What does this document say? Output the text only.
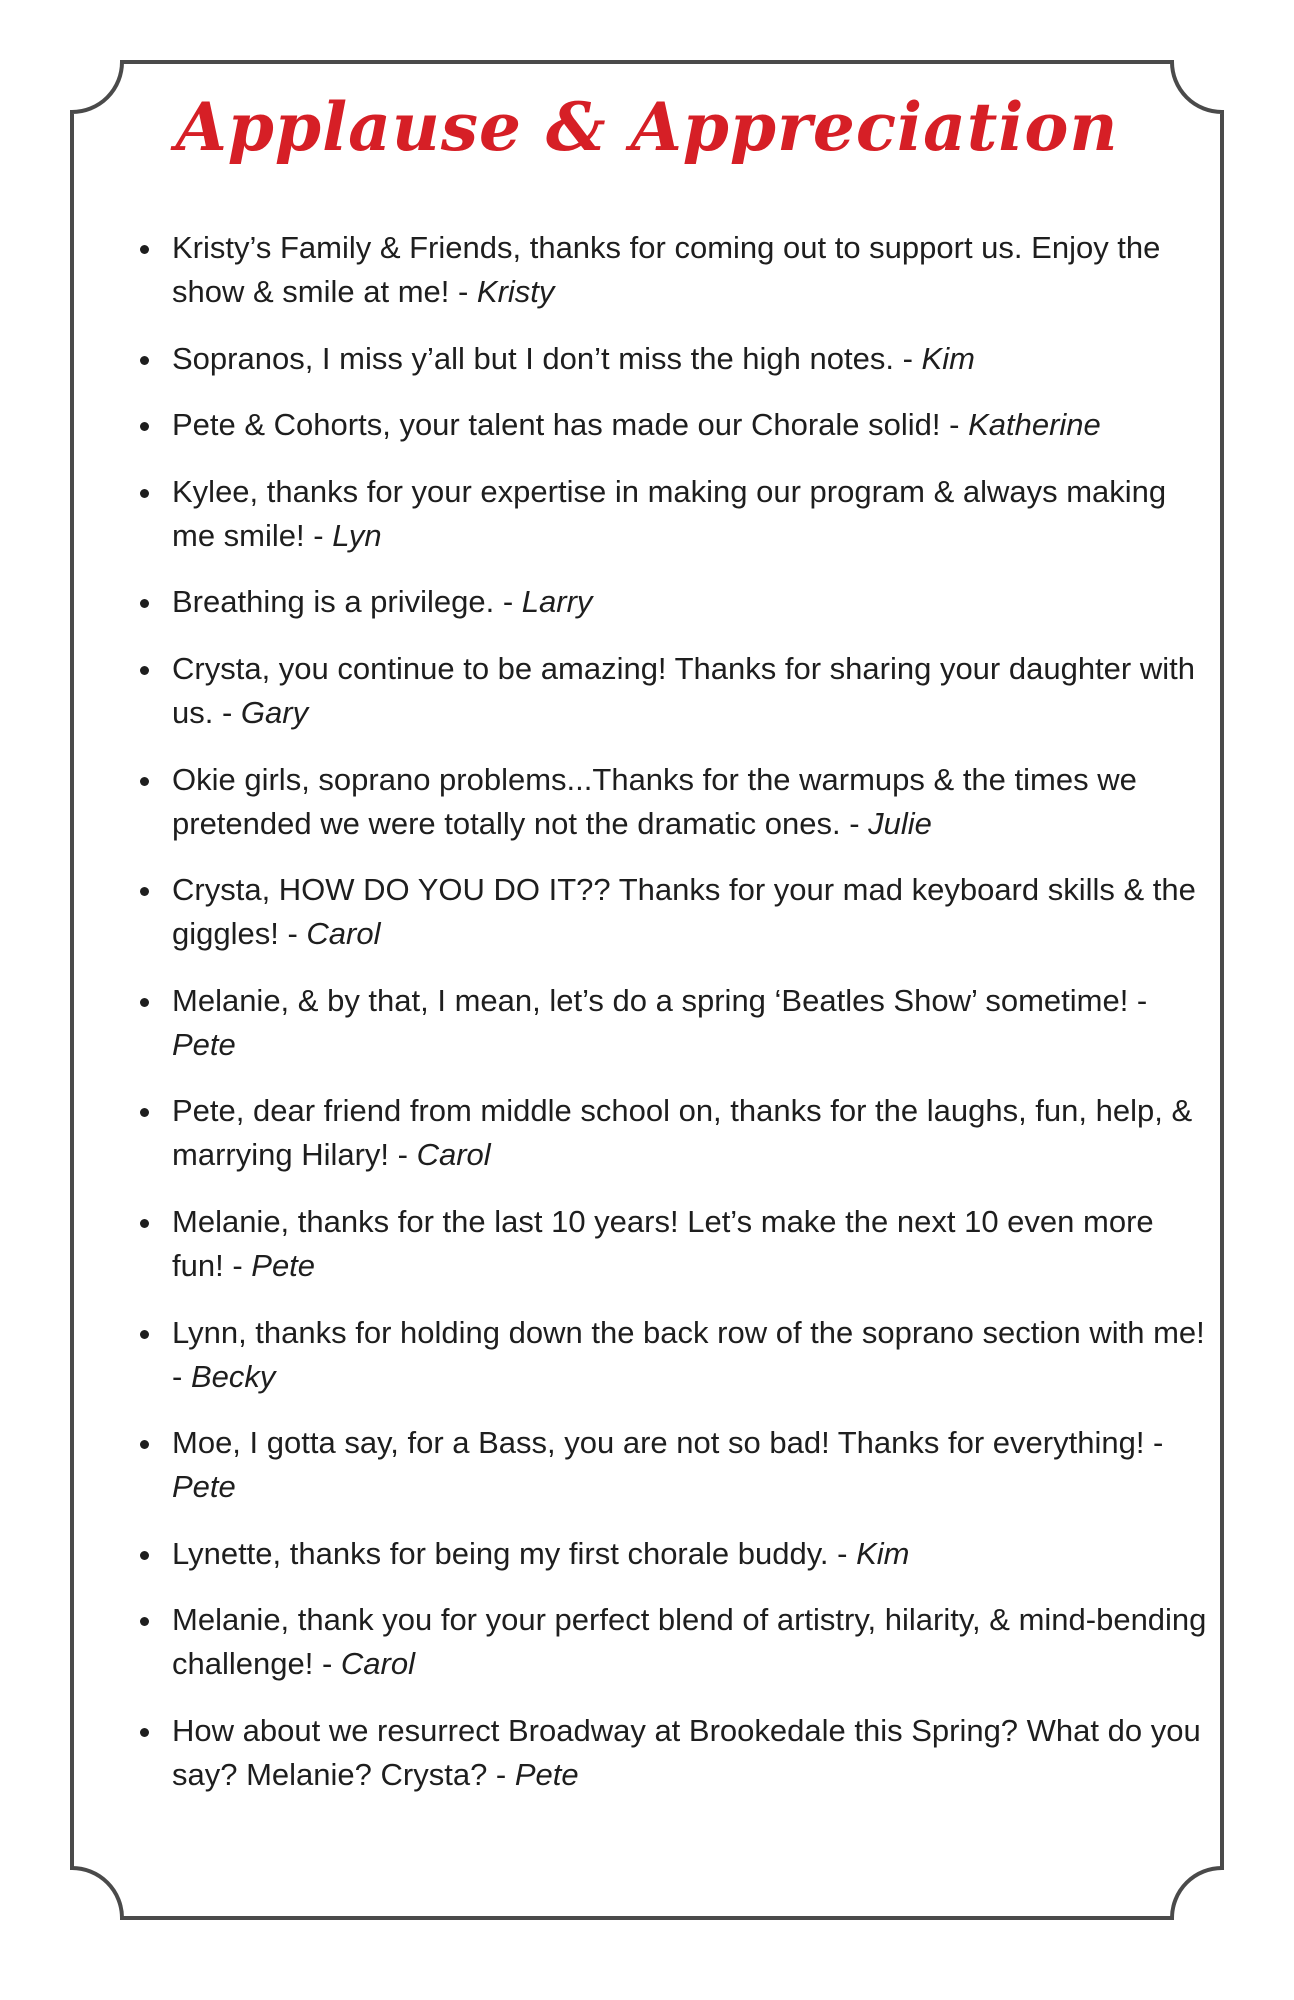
Applause & Appreciation
Kristy’s Family & Friends, thanks for coming out to support us. Enjoy the show & smile at me! - Kristy
Sopranos, I miss y’all but I don’t miss the high notes. - Kim
Pete & Cohorts, your talent has made our Chorale solid! - Katherine
Kylee, thanks for your expertise in making our program & always making me smile! - Lyn
Breathing is a privilege. - Larry
Crysta, you continue to be amazing! Thanks for sharing your daughter with us. - Gary
Okie girls, soprano problems...Thanks for the warmups & the times we pretended we were totally not the dramatic ones. - Julie
Crysta, HOW DO YOU DO IT?? Thanks for your mad keyboard skills & the giggles! - Carol
Melanie, & by that, I mean, let’s do a spring ‘Beatles Show’ sometime! - Pete
Pete, dear friend from middle school on, thanks for the laughs, fun, help, & marrying Hilary! - Carol
Melanie, thanks for the last 10 years! Let’s make the next 10 even more fun! - Pete
Lynn, thanks for holding down the back row of the soprano section with me! - Becky
Moe, I gotta say, for a Bass, you are not so bad! Thanks for everything! - Pete
Lynette, thanks for being my first chorale buddy. - Kim
Melanie, thank you for your perfect blend of artistry, hilarity, & mind-bending challenge! - Carol
How about we resurrect Broadway at Brookedale this Spring? What do you say? Melanie? Crysta? - Pete
